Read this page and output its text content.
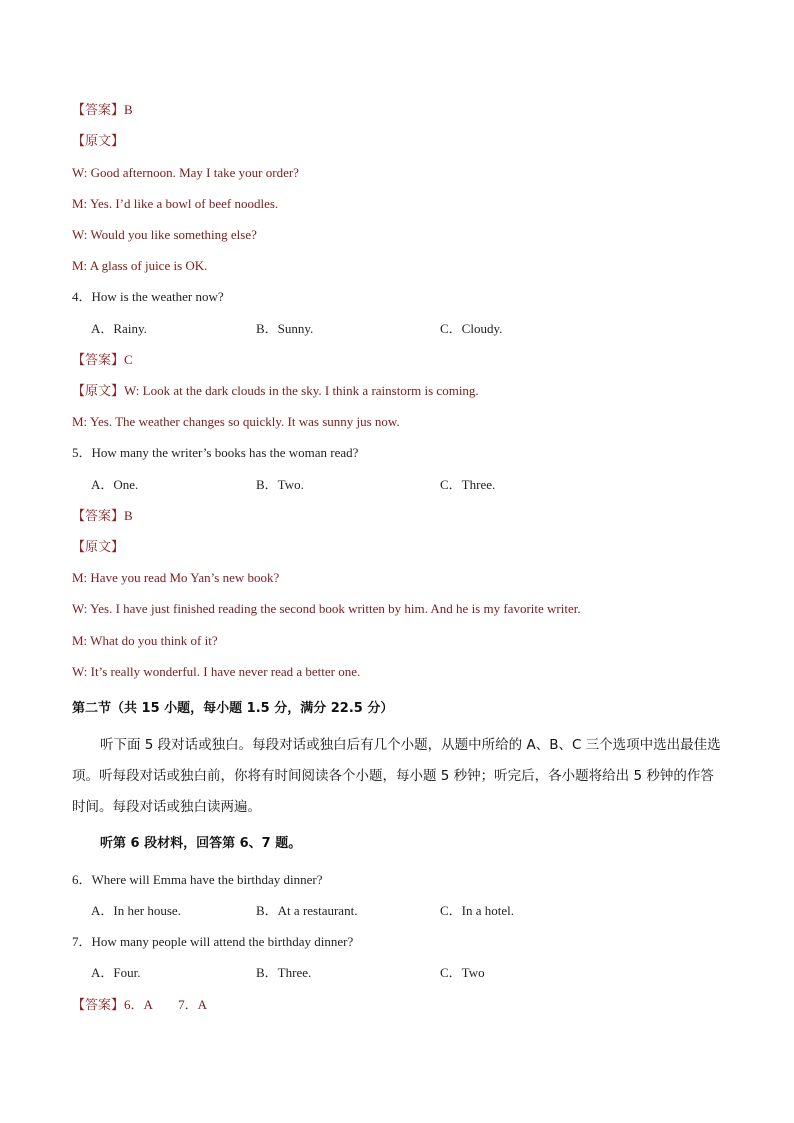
【答案】B
【原文】
W: Good afternoon. May I take your order?
M: Yes. I’d like a bowl of beef noodles.
W: Would you like something else?
M: A glass of juice is OK.
4．How is the weather now?
A．Rainy.	B．Sunny.	C．Cloudy.
【答案】C
【原文】W: Look at the dark clouds in the sky. I think a rainstorm is coming.
M: Yes. The weather changes so quickly. It was sunny jus now.
5．How many the writer’s books has the woman read?
A．One.	B．Two.	C．Three.
【答案】B
【原文】
M: Have you read Mo Yan’s new book?
W: Yes. I have just finished reading the second book written by him. And he is my favorite writer.
M: What do you think of it?
W: It’s really wonderful. I have never read a better one.
第二节（共 15 小题，每小题 1.5 分，满分 22.5 分）
听下面 5 段对话或独白。每段对话或独白后有几个小题，从题中所给的 A、B、C 三个选项中选出最佳选项。听每段对话或独白前，你将有时间阅读各个小题，每小题 5 秒钟；听完后，各小题将给出 5 秒钟的作答时间。每段对话或独白读两遍。
听第 6 段材料，回答第 6、7 题。
6．Where will Emma have the birthday dinner?
A．In her house.	B．At a restaurant.	C．In a hotel.
7．How many people will attend the birthday dinner?
A．Four.	B．Three.	C．Two
【答案】6．A　　7．A
